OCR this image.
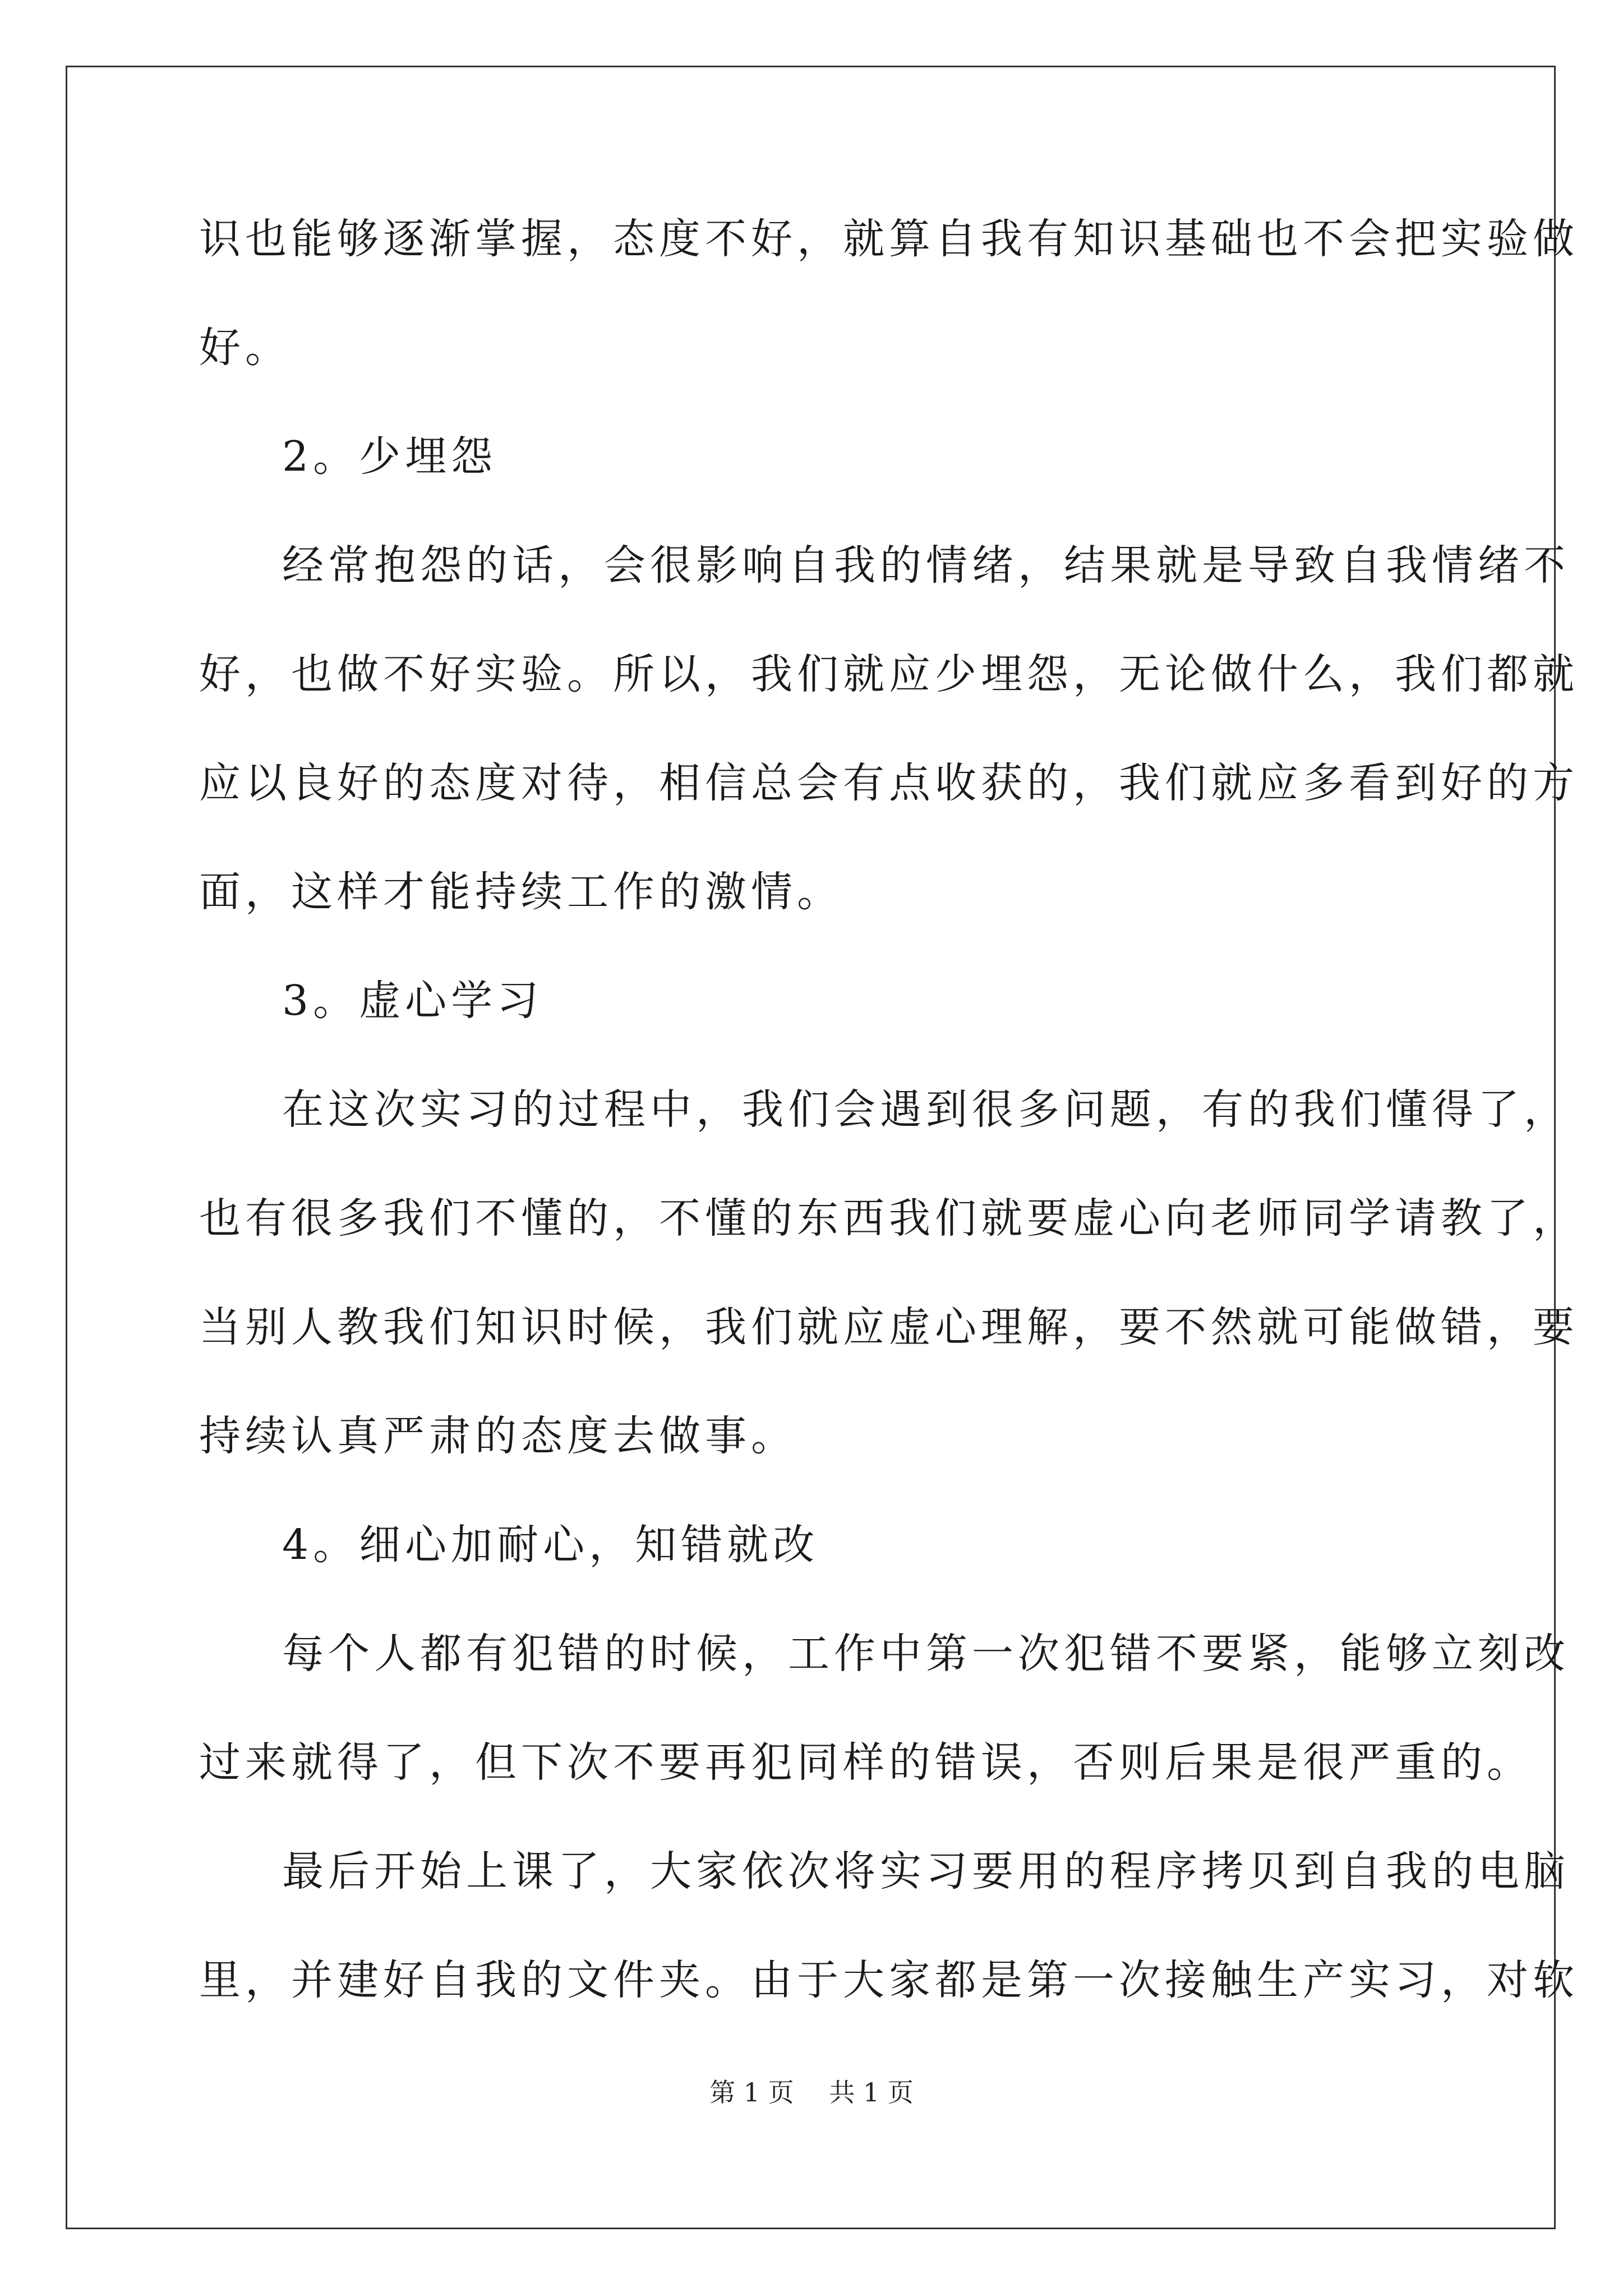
识也能够逐渐掌握，态度不好，就算自我有知识基础也不会把实验做
好。
2。少埋怨
经常抱怨的话，会很影响自我的情绪，结果就是导致自我情绪不
好，也做不好实验。所以，我们就应少埋怨，无论做什么，我们都就
应以良好的态度对待，相信总会有点收获的，我们就应多看到好的方
面，这样才能持续工作的激情。
3。虚心学习
在这次实习的过程中，我们会遇到很多问题，有的我们懂得了，
也有很多我们不懂的，不懂的东西我们就要虚心向老师同学请教了，
当别人教我们知识时候，我们就应虚心理解，要不然就可能做错，要
持续认真严肃的态度去做事。
4。细心加耐心，知错就改
每个人都有犯错的时候，工作中第一次犯错不要紧，能够立刻改
过来就得了，但下次不要再犯同样的错误，否则后果是很严重的。
最后开始上课了，大家依次将实习要用的程序拷贝到自我的电脑
里，并建好自我的文件夹。由于大家都是第一次接触生产实习，对软
第 1 页 共 1 页
